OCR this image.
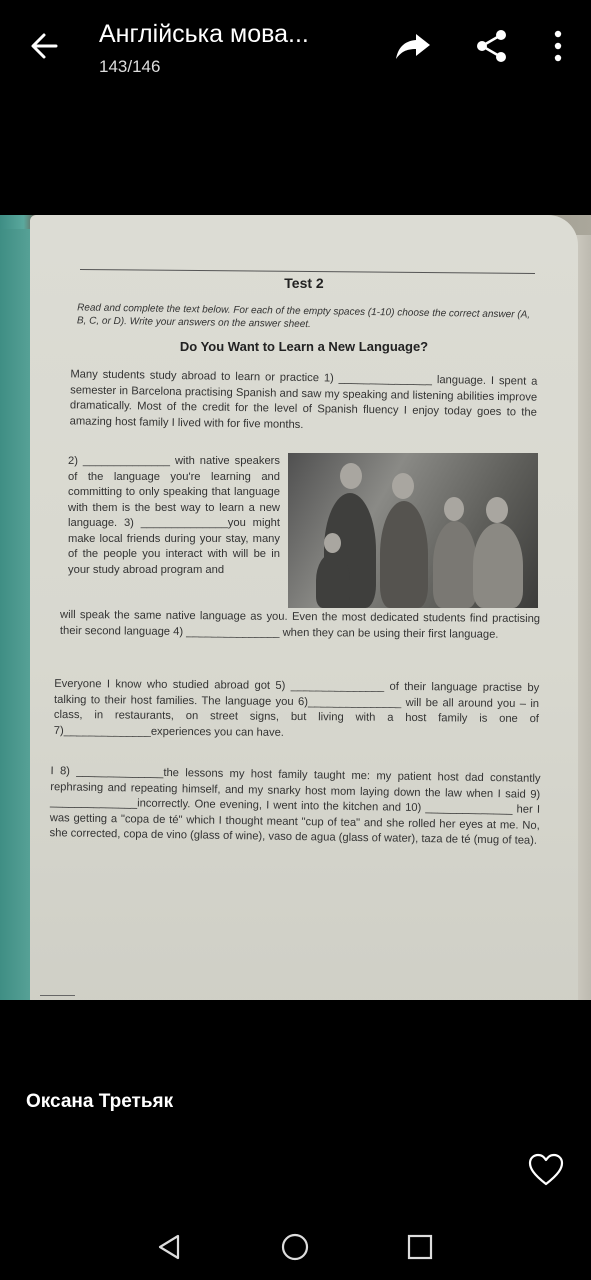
Англійська мова...
143/146
Test 2
Read and complete the text below. For each of the empty spaces (1-10) choose the correct answer (A, B, C, or D). Write your answers on the answer sheet.
Do You Want to Learn a New Language?
Many students study abroad to learn or practice 1) _______________ language. I spent a semester in Barcelona practising Spanish and saw my speaking and listening abilities improve dramatically. Most of the credit for the level of Spanish fluency I enjoy today goes to the amazing host family I lived with for five months.
2) ______________ with native speakers of the language you're learning and committing to only speaking that language with them is the best way to learn a new language. 3) ______________you might make local friends during your stay, many of the people you interact with will be in your study abroad program and
will speak the same native language as you. Even the most dedicated students find practising their second language 4) _______________ when they can be using their first language.
Everyone I know who studied abroad got 5) _______________ of their language practise by talking to their host families. The language you 6)_______________ will be all around you – in class, in restaurants, on street signs, but living with a host family is one of 7)______________experiences you can have.
I 8) ______________the lessons my host family taught me: my patient host dad constantly rephrasing and repeating himself, and my snarky host mom laying down the law when I said 9) ______________incorrectly. One evening, I went into the kitchen and 10) ______________ her I was getting a "copa de té" which I thought meant "cup of tea" and she rolled her eyes at me. No, she corrected, copa de vino (glass of wine), vaso de agua (glass of water), taza de té (mug of tea).
Оксана Третьяк
